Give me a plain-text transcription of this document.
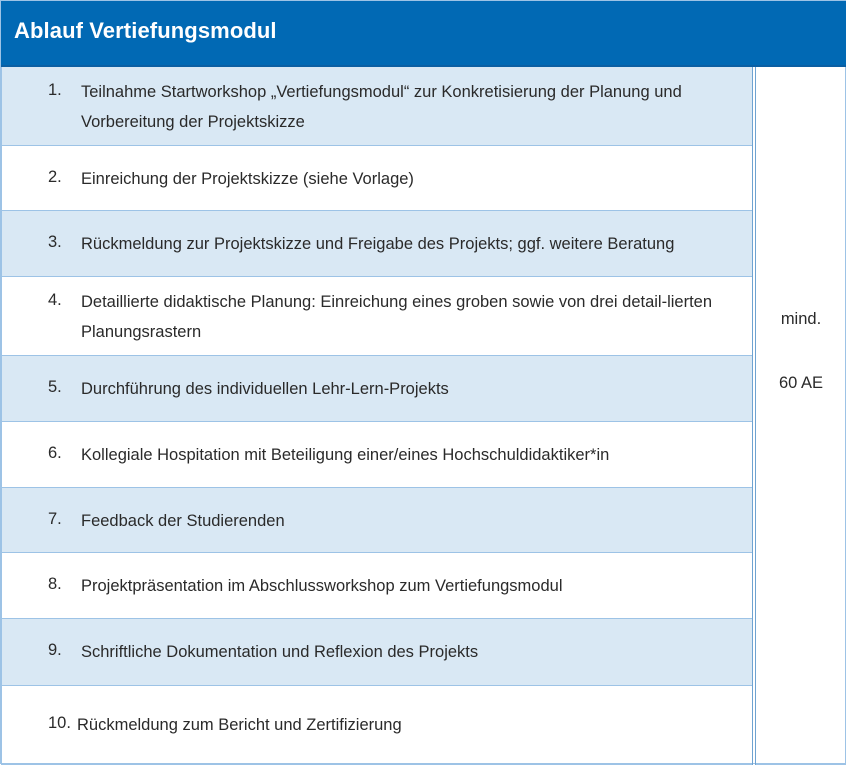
Ablauf Vertiefungsmodul
1. Teilnahme Startworkshop „Vertiefungsmodul“ zur Konkretisierung der Planung und Vorbereitung der Projektskizze
2. Einreichung der Projektskizze (siehe Vorlage)
3. Rückmeldung zur Projektskizze und Freigabe des Projekts; ggf. weitere Beratung
4. Detaillierte didaktische Planung: Einreichung eines groben sowie von drei detail-lierten Planungsrastern
5. Durchführung des individuellen Lehr-Lern-Projekts
6. Kollegiale Hospitation mit Beteiligung einer/eines Hochschuldidaktiker*in
7. Feedback der Studierenden
8. Projektpräsentation im Abschlussworkshop zum Vertiefungsmodul
9. Schriftliche Dokumentation und Reflexion des Projekts
10. Rückmeldung zum Bericht und Zertifizierung
mind.
60 AE
